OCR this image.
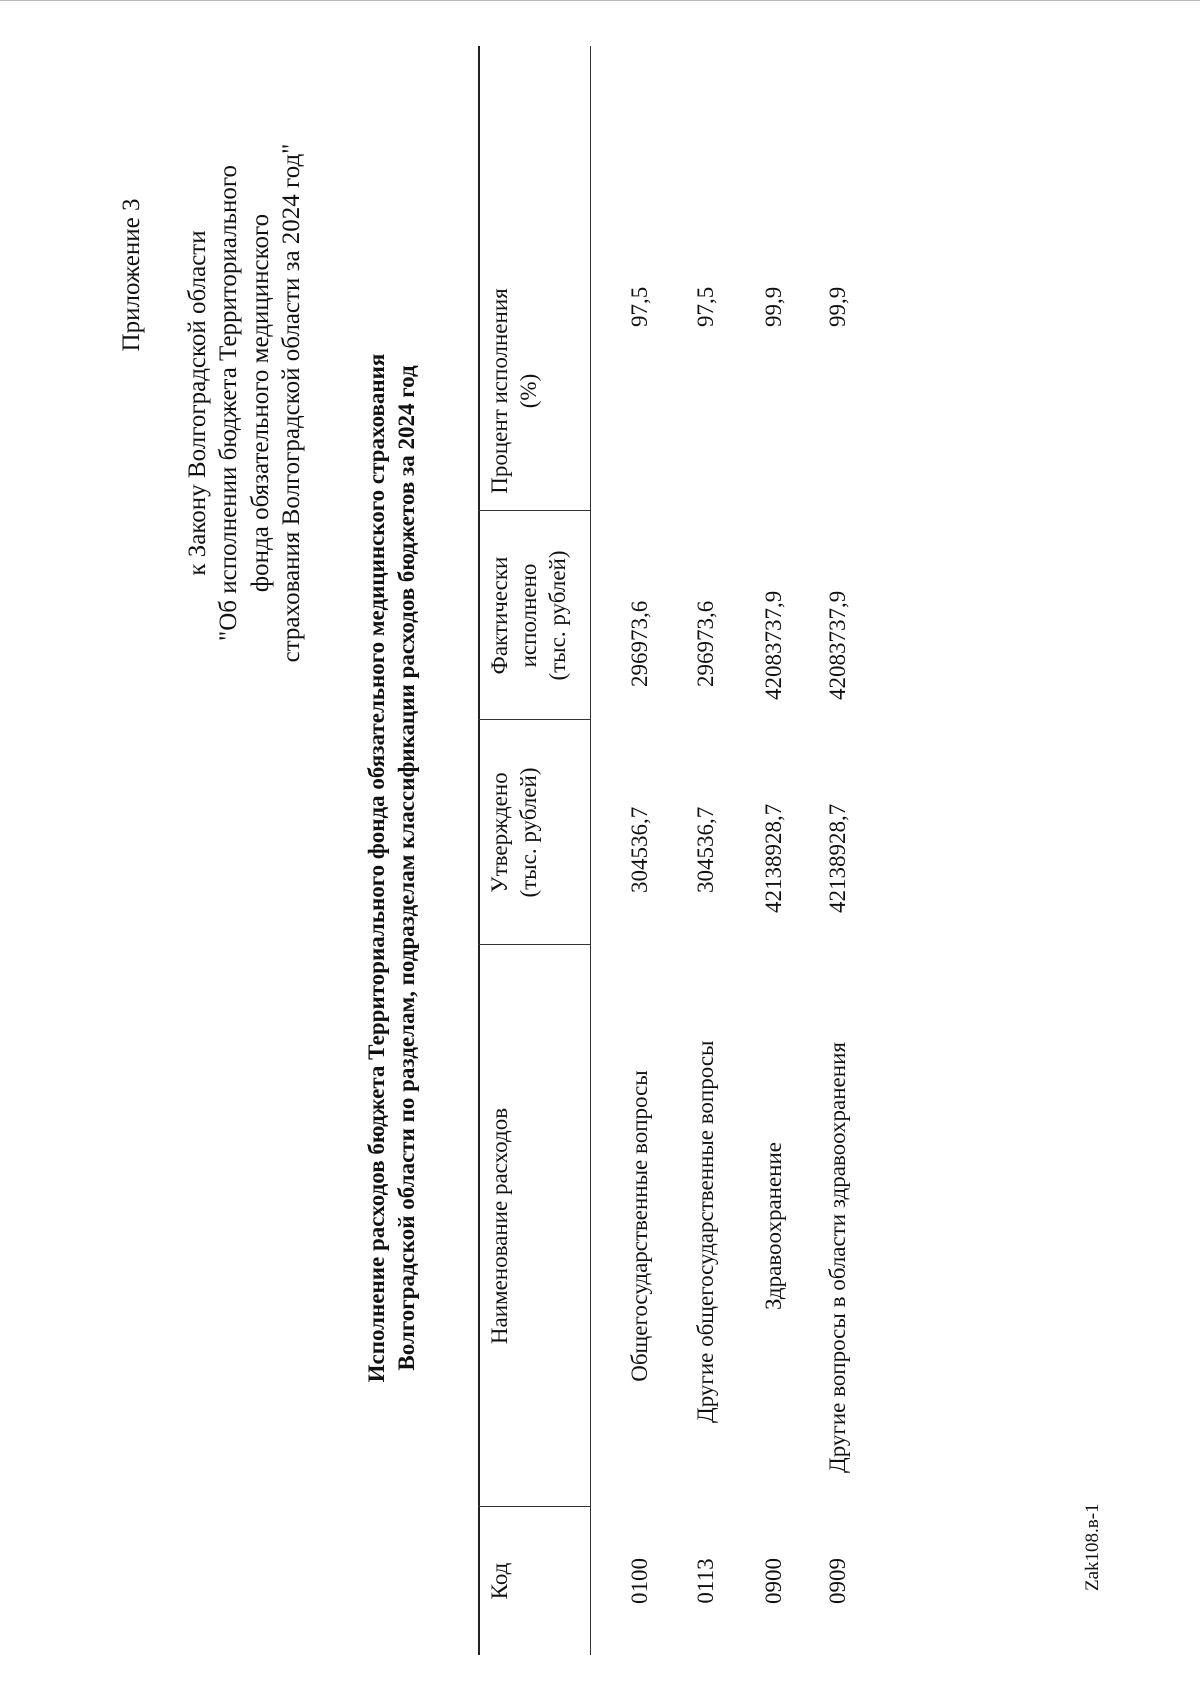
Приложение 3 к Закону Волгоградской области "Об исполнении бюджета Территориального фонда обязательного медицинского страхования Волгоградской области за 2024 год"	Исполнение расходов бюджета Территориального фонда обязательного медицинского страхования Волгоградской области по разделам, подразделам классификации расходов бюджетов за 2024 год
Код
Наименование расходов
Утверждено (тыс. рублей)
Фактически исполнено (тыс. рублей)
Процент исполнения (%)
0100
Общегосударственные вопросы
304536,7
296973,6
97,5
0113
Другие общегосударственные вопросы
304536,7
296973,6
97,5
0900
Здравоохранение
42138928,7
42083737,9
99,9
0909
Другие вопросы в области здравоохранения
42138928,7
42083737,9
99,9
Zak108.в-1
